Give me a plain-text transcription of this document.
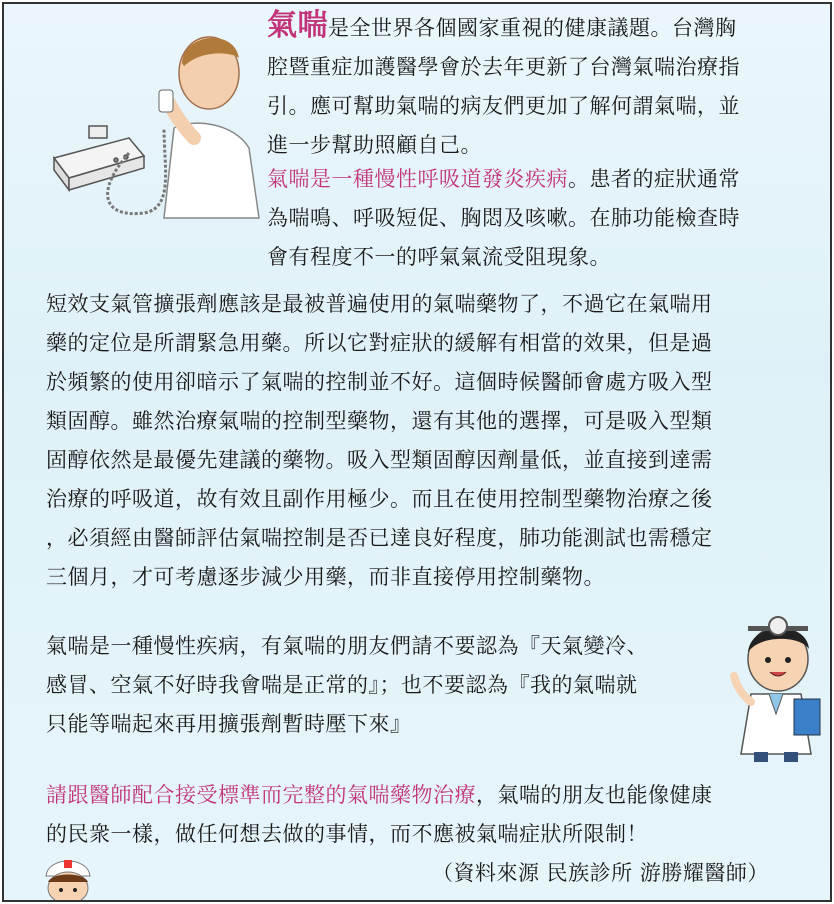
氣喘是全世界各個國家重視的健康議題。台灣胸
腔暨重症加護醫學會於去年更新了台灣氣喘治療指
引。應可幫助氣喘的病友們更加了解何謂氣喘，並
進一步幫助照顧自己。
氣喘是一種慢性呼吸道發炎疾病。患者的症狀通常
為喘鳴、呼吸短促、胸悶及咳嗽。在肺功能檢查時
會有程度不一的呼氣氣流受阻現象。
短效支氣管擴張劑應該是最被普遍使用的氣喘藥物了，不過它在氣喘用
藥的定位是所謂緊急用藥。所以它對症狀的緩解有相當的效果，但是過
於頻繁的使用卻暗示了氣喘的控制並不好。這個時候醫師會處方吸入型
類固醇。雖然治療氣喘的控制型藥物，還有其他的選擇，可是吸入型類
固醇依然是最優先建議的藥物。吸入型類固醇因劑量低，並直接到達需
治療的呼吸道，故有效且副作用極少。而且在使用控制型藥物治療之後
，必須經由醫師評估氣喘控制是否已達良好程度，肺功能測試也需穩定
三個月，才可考慮逐步減少用藥，而非直接停用控制藥物。
氣喘是一種慢性疾病，有氣喘的朋友們請不要認為『天氣變冷、
感冒、空氣不好時我會喘是正常的』；也不要認為『我的氣喘就
只能等喘起來再用擴張劑暫時壓下來』
請跟醫師配合接受標準而完整的氣喘藥物治療，氣喘的朋友也能像健康
的民衆一樣，做任何想去做的事情，而不應被氣喘症狀所限制！
（資料來源 民族診所 游勝耀醫師）
